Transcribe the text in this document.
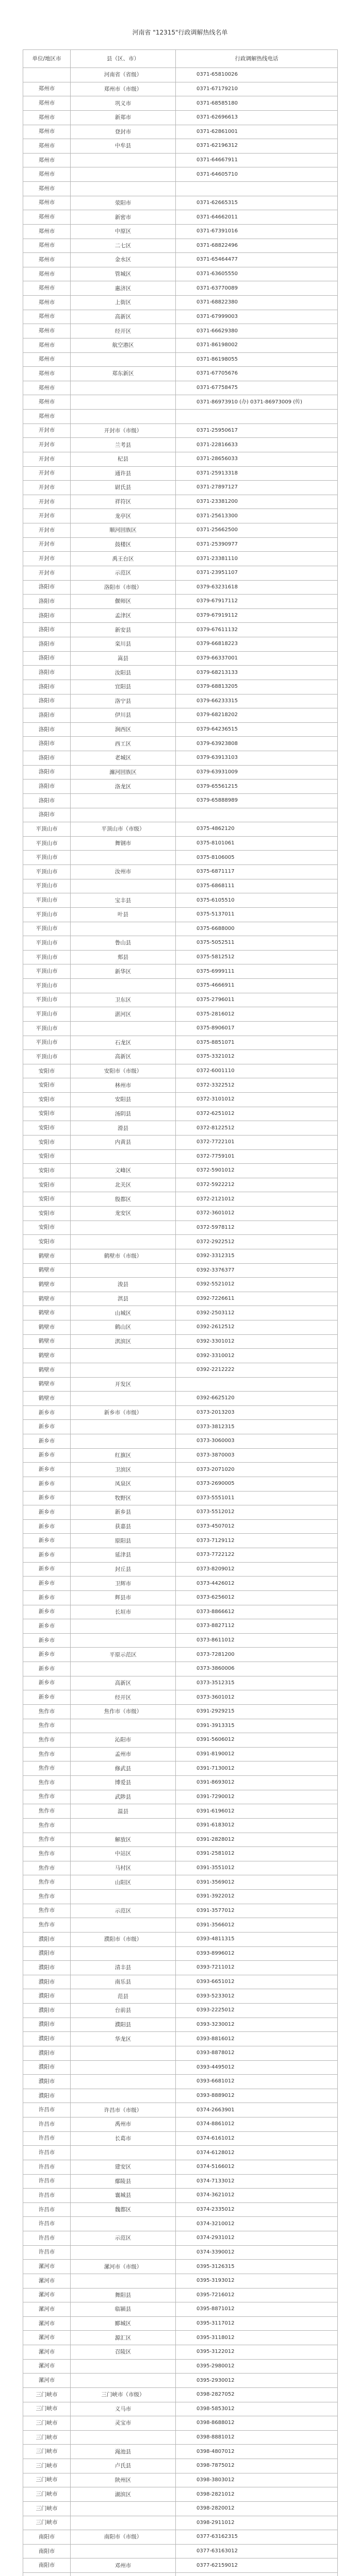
河南省 "12315"行政调解热线名单
单位/地区市	县（区、市）	行政调解热线电话

	河南省（省级）	0371-65810026

郑州市	郑州市（市级）	0371-67179210

郑州市	巩义市	0371-68585180

郑州市	新郑市	0371-62696613

郑州市	登封市	0371-62861001

郑州市	中牟县	0371-62196312

郑州市		0371-64667911

郑州市		0371-64605710

郑州市		

郑州市	荥阳市	0371-62665315

郑州市	新密市	0371-64662011

郑州市	中原区	0371-67391016

郑州市	二七区	0371-68822496

郑州市	金水区	0371-65464477

郑州市	管城区	0371-63605550

郑州市	惠济区	0371-63770089

郑州市	上街区	0371-68822380

郑州市	高新区	0371-67999003

郑州市	经开区	0371-66629380

郑州市	航空港区	0371-86198002

郑州市		0371-86198055

郑州市	郑东新区	0371-67705676

郑州市		0371-67758475

郑州市		0371-86973910 (办) 0371-86973009 (传)

郑州市		

开封市	开封市（市级）	0371-25950617

开封市	兰考县	0371-22816633

开封市	杞县	0371-28656033

开封市	通许县	0371-25913318

开封市	尉氏县	0371-27897127

开封市	祥符区	0371-23381200

开封市	龙亭区	0371-25613300

开封市	顺河回族区	0371-25662500

开封市	鼓楼区	0371-25390977

开封市	禹王台区	0371-23381110

开封市	示范区	0371-23951107

洛阳市	洛阳市（市级）	0379-63231618

洛阳市	偃师区	0379-67917112

洛阳市	孟津区	0379-67919112

洛阳市	新安县	0379-67611132

洛阳市	栾川县	0379-66818223

洛阳市	嵩县	0379-66337001

洛阳市	汝阳县	0379-68213133

洛阳市	宜阳县	0379-68813205

洛阳市	洛宁县	0379-66233315

洛阳市	伊川县	0379-68218202

洛阳市	涧西区	0379-64236515

洛阳市	西工区	0379-63923808

洛阳市	老城区	0379-63913103

洛阳市	瀍河回族区	0379-63931009

洛阳市	洛龙区	0379-65561215

洛阳市		0379-65888989

洛阳市		

平顶山市	平顶山市（市级）	0375-4862120

平顶山市	舞钢市	0375-8101061

平顶山市		0375-8106005

平顶山市	汝州市	0375-6871117

平顶山市		0375-6868111

平顶山市	宝丰县	0375-6105510

平顶山市	叶县	0375-5137011

平顶山市		0375-6688000

平顶山市	鲁山县	0375-5052511

平顶山市	郏县	0375-5812512

平顶山市	新华区	0375-6999111

平顶山市		0375-4666911

平顶山市	卫东区	0375-2796011

平顶山市	湛河区	0375-2816012

平顶山市		0375-8906017

平顶山市	石龙区	0375-8851071

平顶山市	高新区	0375-3321012

安阳市	安阳市（市级）	0372-6001110

安阳市	林州市	0372-3322512

安阳市	安阳县	0372-3101012

安阳市	汤阴县	0372-6251012

安阳市	滑县	0372-8122512

安阳市	内黄县	0372-7722101

安阳市		0372-7759101

安阳市	文峰区	0372-5901012

安阳市	北关区	0372-5922212

安阳市	殷都区	0372-2121012

安阳市	龙安区	0372-3601012

安阳市		0372-5978112

安阳市		0372-2922512

鹤壁市	鹤壁市（市级）	0392-3312315

鹤壁市		0392-3376377

鹤壁市	浚县	0392-5521012

鹤壁市	淇县	0392-7226611

鹤壁市	山城区	0392-2503112

鹤壁市	鹤山区	0392-2612512

鹤壁市	淇滨区	0392-3301012

鹤壁市		0392-3310012

鹤壁市		0392-2212222

鹤壁市	开发区	

鹤壁市		0392-6625120

新乡市	新乡市（市级）	0373-2013203

新乡市		0373-3812315

新乡市		0373-3060003

新乡市	红旗区	0373-3870003

新乡市	卫滨区	0373-2071020

新乡市	凤泉区	0373-2690005

新乡市	牧野区	0373-5551011

新乡市	新乡县	0373-5512012

新乡市	获嘉县	0373-4507012

新乡市	原阳县	0373-7129112

新乡市	延津县	0373-7722122

新乡市	封丘县	0373-8209012

新乡市	卫辉市	0373-4426012

新乡市	辉县市	0373-6256012

新乡市	长垣市	0373-8866612

新乡市		0373-8827112

新乡市		0373-8611012

新乡市	平原示范区	0373-7281200

新乡市		0373-3860006

新乡市	高新区	0373-3512315

新乡市	经开区	0373-3601012

焦作市	焦作市（市级）	0391-2929215

焦作市		0391-3913315

焦作市	沁阳市	0391-5606012

焦作市	孟州市	0391-8190012

焦作市	修武县	0391-7130012

焦作市	博爱县	0391-8693012

焦作市	武陟县	0391-7290012

焦作市	温县	0391-6196012

焦作市		0391-6183012

焦作市	解放区	0391-2828012

焦作市	中站区	0391-2581012

焦作市	马村区	0391-3551012

焦作市	山阳区	0391-3569012

焦作市		0391-3922012

焦作市	示范区	0391-3577012

焦作市		0391-3566012

濮阳市	濮阳市（市级）	0393-4811315

濮阳市		0393-8996012

濮阳市	清丰县	0393-7211012

濮阳市	南乐县	0393-6651012

濮阳市	范县	0393-5233012

濮阳市	台前县	0393-2225012

濮阳市	濮阳县	0393-3230012

濮阳市	华龙区	0393-8816012

濮阳市		0393-8878012

濮阳市		0393-4495012

濮阳市		0393-6681012

濮阳市		0393-8889012

许昌市	许昌市（市级）	0374-2663901

许昌市	禹州市	0374-8861012

许昌市	长葛市	0374-6161012

许昌市		0374-6128012

许昌市	建安区	0374-5166012

许昌市	鄢陵县	0374-7133012

许昌市	襄城县	0374-3621012

许昌市	魏都区	0374-2335012

许昌市		0374-3210012

许昌市	示范区	0374-2931012

许昌市		0374-3390012

漯河市	漯河市（市级）	0395-3126315

漯河市		0395-3193012

漯河市	舞阳县	0395-7216012

漯河市	临颍县	0395-8871012

漯河市	郾城区	0395-3117012

漯河市	源汇区	0395-3118012

漯河市	召陵区	0395-3122012

漯河市		0395-2980012

漯河市		0395-2930012

三门峡市	三门峡市（市级）	0398-2827052

三门峡市	义马市	0398-5853012

三门峡市	灵宝市	0398-8688012

三门峡市		0398-8881012

三门峡市	渑池县	0398-4807012

三门峡市	卢氏县	0398-7875012

三门峡市	陕州区	0398-3803012

三门峡市	湖滨区	0398-2821012

三门峡市		0398-2820012

三门峡市		0398-2911012

南阳市	南阳市（市级）	0377-63162315

南阳市		0377-63163012

南阳市	邓州市	0377-62159012
